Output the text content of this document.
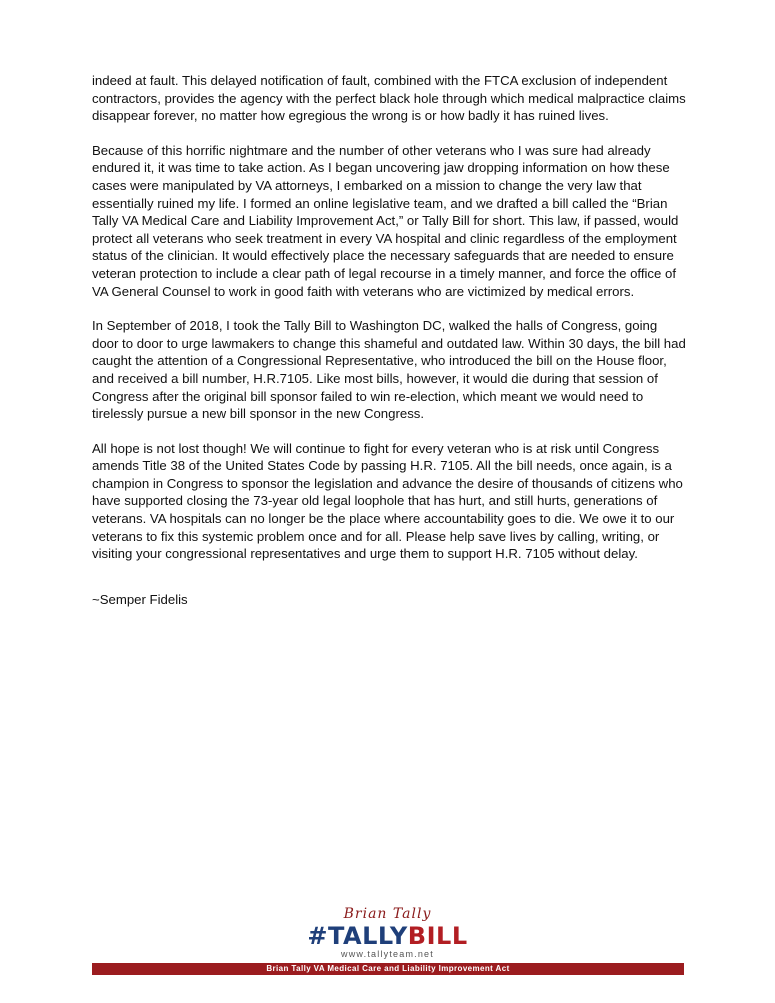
indeed at fault. This delayed notification of fault, combined with the FTCA exclusion of independent contractors, provides the agency with the perfect black hole through which medical malpractice claims disappear forever, no matter how egregious the wrong is or how badly it has ruined lives.

Because of this horrific nightmare and the number of other veterans who I was sure had already endured it, it was time to take action. As I began uncovering jaw dropping information on how these cases were manipulated by VA attorneys, I embarked on a mission to change the very law that essentially ruined my life. I formed an online legislative team, and we drafted a bill called the “Brian Tally VA Medical Care and Liability Improvement Act,” or Tally Bill for short. This law, if passed, would protect all veterans who seek treatment in every VA hospital and clinic regardless of the employment status of the clinician. It would effectively place the necessary safeguards that are needed to ensure veteran protection to include a clear path of legal recourse in a timely manner, and force the office of VA General Counsel to work in good faith with veterans who are victimized by medical errors.

In September of 2018, I took the Tally Bill to Washington DC, walked the halls of Congress, going door to door to urge lawmakers to change this shameful and outdated law. Within 30 days, the bill had caught the attention of a Congressional Representative, who introduced the bill on the House floor, and received a bill number, H.R.7105. Like most bills, however, it would die during that session of Congress after the original bill sponsor failed to win re-election, which meant we would need to tirelessly pursue a new bill sponsor in the new Congress.

All hope is not lost though! We will continue to fight for every veteran who is at risk until Congress amends Title 38 of the United States Code by passing H.R. 7105. All the bill needs, once again, is a champion in Congress to sponsor the legislation and advance the desire of thousands of citizens who have supported closing the 73-year old legal loophole that has hurt, and still hurts, generations of veterans. VA hospitals can no longer be the place where accountability goes to die. We owe it to our veterans to fix this systemic problem once and for all. Please help save lives by calling, writing, or visiting your congressional representatives and urge them to support H.R. 7105 without delay.

~Semper Fidelis
Brian Tally
#TALLYBILL
www.tallyteam.net
Brian Tally VA Medical Care and Liability Improvement Act
